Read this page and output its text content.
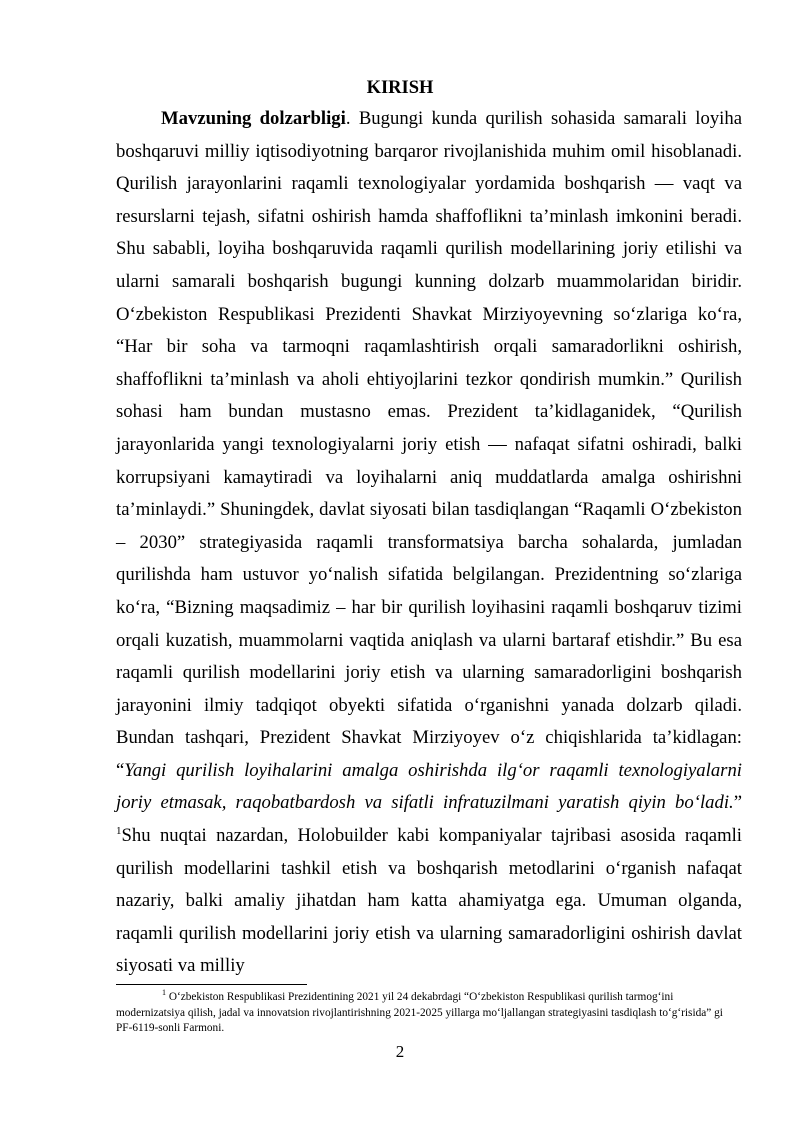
KIRISH

Mavzuning dolzarbligi. Bugungi kunda qurilish sohasida samarali loyiha boshqaruvi milliy iqtisodiyotning barqaror rivojlanishida muhim omil hisoblanadi. Qurilish jarayonlarini raqamli texnologiyalar yordamida boshqarish — vaqt va resurslarni tejash, sifatni oshirish hamda shaffoflikni ta’minlash imkonini beradi. Shu sababli, loyiha boshqaruvida raqamli qurilish modellarining joriy etilishi va ularni samarali boshqarish bugungi kunning dolzarb muammolaridan biridir. O‘zbekiston Respublikasi Prezidenti Shavkat Mirziyoyevning so‘zlariga ko‘ra, “Har bir soha va tarmoqni raqamlashtirish orqali samaradorlikni oshirish, shaffoflikni ta’minlash va aholi ehtiyojlarini tezkor qondirish mumkin.” Qurilish sohasi ham bundan mustasno emas. Prezident ta’kidlaganidek, “Qurilish jarayonlarida yangi texnologiyalarni joriy etish — nafaqat sifatni oshiradi, balki korrupsiyani kamaytiradi va loyihalarni aniq muddatlarda amalga oshirishni ta’minlaydi.” Shuningdek, davlat siyosati bilan tasdiqlangan “Raqamli O‘zbekiston – 2030” strategiyasida raqamli transformatsiya barcha sohalarda, jumladan qurilishda ham ustuvor yo‘nalish sifatida belgilangan. Prezidentning so‘zlariga ko‘ra, “Bizning maqsadimiz – har bir qurilish loyihasini raqamli boshqaruv tizimi orqali kuzatish, muammolarni vaqtida aniqlash va ularni bartaraf etishdir.” Bu esa raqamli qurilish modellarini joriy etish va ularning samaradorligini boshqarish jarayonini ilmiy tadqiqot obyekti sifatida o‘rganishni yanada dolzarb qiladi. Bundan tashqari, Prezident Shavkat Mirziyoyev o‘z chiqishlarida ta’kidlagan: “Yangi qurilish loyihalarini amalga oshirishda ilg‘or raqamli texnologiyalarni joriy etmasak, raqobatbardosh va sifatli infratuzilmani yaratish qiyin bo‘ladi.” $^1$Shu nuqtai nazardan, Holobuilder kabi kompaniyalar tajribasi asosida raqamli qurilish modellarini tashkil etish va boshqarish metodlarini o‘rganish nafaqat nazariy, balki amaliy jihatdan ham katta ahamiyatga ega. Umuman olganda, raqamli qurilish modellarini joriy etish va ularning samaradorligini oshirish davlat siyosati va milliy

$^1$ O‘zbekiston Respublikasi Prezidentining 2021 yil 24 dekabrdagi “O‘zbekiston Respublikasi qurilish tarmog‘ini modernizatsiya qilish, jadal va innovatsion rivojlantirishning 2021-2025 yillarga mo‘ljallangan strategiyasini tasdiqlash to‘g‘risida” gi PF-6119-sonli Farmoni.

2
